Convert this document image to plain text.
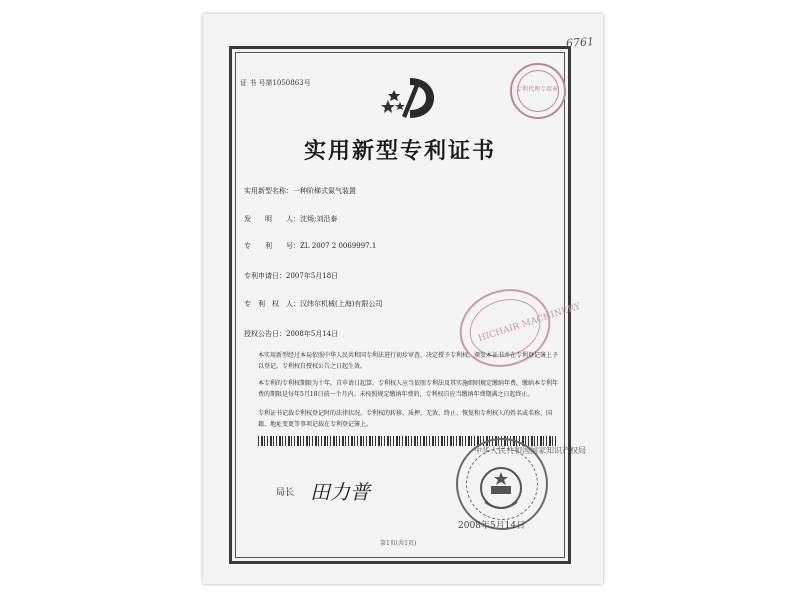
6761
证 书 号第1050863号
专利代理专用章
实用新型专利证书
实用新型名称：一种阶梯式氮气装置
发　　明　　人：沈炀;刘沿泰
专　　利　　号：ZL 2007 2 0069997.1
专利申请日：2007年5月18日
专　利　权　人：汉纬尔机械(上海)有限公司
授权公告日：2008年5月14日	HICHAIR MACHINERY
本实用新型经过本局依照中华人民共和国专利法进行初步审查，决定授予专利权，颁发本证书并在专利登记簿上予以登记。专利权自授权公告之日起生效。
本专利的专利权期限为十年，自申请日起算。专利权人应当依照专利法及其实施细则规定缴纳年费。缴纳本专利年费的期限是每年5月18日前一个月内。未按照规定缴纳年费的，专利权自应当缴纳年费期满之日起终止。
专利证书记载专利权登记时的法律状况。专利权的转移、质押、无效、终止、恢复和专利权人的姓名或名称、国籍、地址变更等事项记载在专利登记簿上。
局长 田力普
中华人民共和国国家知识产权局
2008年5月14日
第1页(共1页)
